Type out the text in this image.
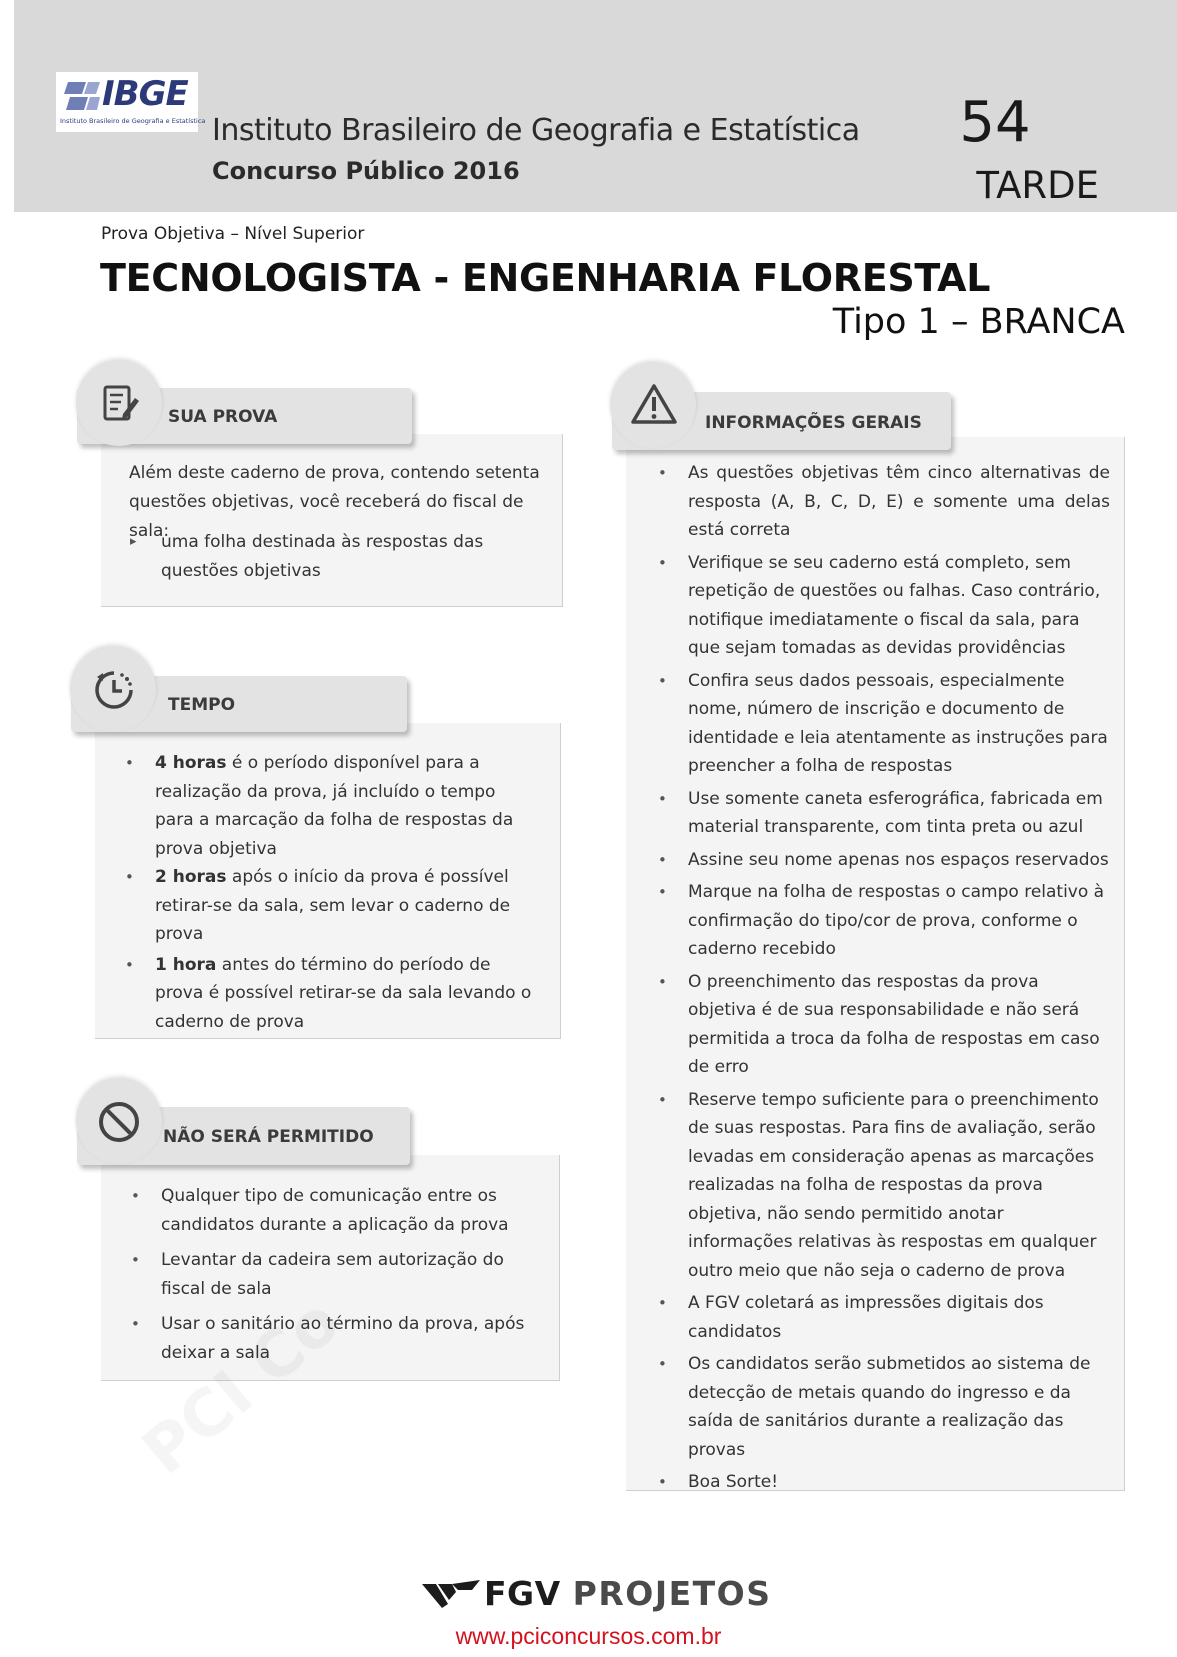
IBGE
Instituto Brasileiro de Geografia e Estatística Instituto Brasileiro de Geografia e Estatística
Concurso Público 2016
54
TARDE
Prova Objetiva – Nível Superior
TECNOLOGISTA - ENGENHARIA FLORESTAL
Tipo 1 – BRANCA
Além deste caderno de prova, contendo setenta questões objetivas, você receberá do fiscal de sala:
▸ uma folha destinada às respostas das questões objetivas
SUA PROVA
• 4 horas é o período disponível para a realização da prova, já incluído o tempo para a marcação da folha de respostas da prova objetiva
• 2 horas após o início da prova é possível retirar-se da sala, sem levar o caderno de prova
• 1 hora antes do término do período de prova é possível retirar-se da sala levando o caderno de prova
TEMPO
• Qualquer tipo de comunicação entre os candidatos durante a aplicação da prova
• Levantar da cadeira sem autorização do fiscal de sala
• Usar o sanitário ao término da prova, após deixar a sala
NÃO SERÁ PERMITIDO
• As questões objetivas têm cinco alternativas de resposta (A, B, C, D, E) e somente uma delas está correta
• Verifique se seu caderno está completo, sem repetição de questões ou falhas. Caso contrário, notifique imediatamente o fiscal da sala, para que sejam tomadas as devidas providências
• Confira seus dados pessoais, especialmente nome, número de inscrição e documento de identidade e leia atentamente as instruções para preencher a folha de respostas
• Use somente caneta esferográfica, fabricada em material transparente, com tinta preta ou azul
• Assine seu nome apenas nos espaços reservados
• Marque na folha de respostas o campo relativo à confirmação do tipo/cor de prova, conforme o caderno recebido
• O preenchimento das respostas da prova objetiva é de sua responsabilidade e não será permitida a troca da folha de respostas em caso de erro
• Reserve tempo suficiente para o preenchimento de suas respostas. Para fins de avaliação, serão levadas em consideração apenas as marcações realizadas na folha de respostas da prova objetiva, não sendo permitido anotar informações relativas às respostas em qualquer outro meio que não seja o caderno de prova
• A FGV coletará as impressões digitais dos candidatos
• Os candidatos serão submetidos ao sistema de detecção de metais quando do ingresso e da saída de sanitários durante a realização das provas
• Boa Sorte!
INFORMAÇÕES GERAIS
FGV PROJETOS
www.pciconcursos.com.br
